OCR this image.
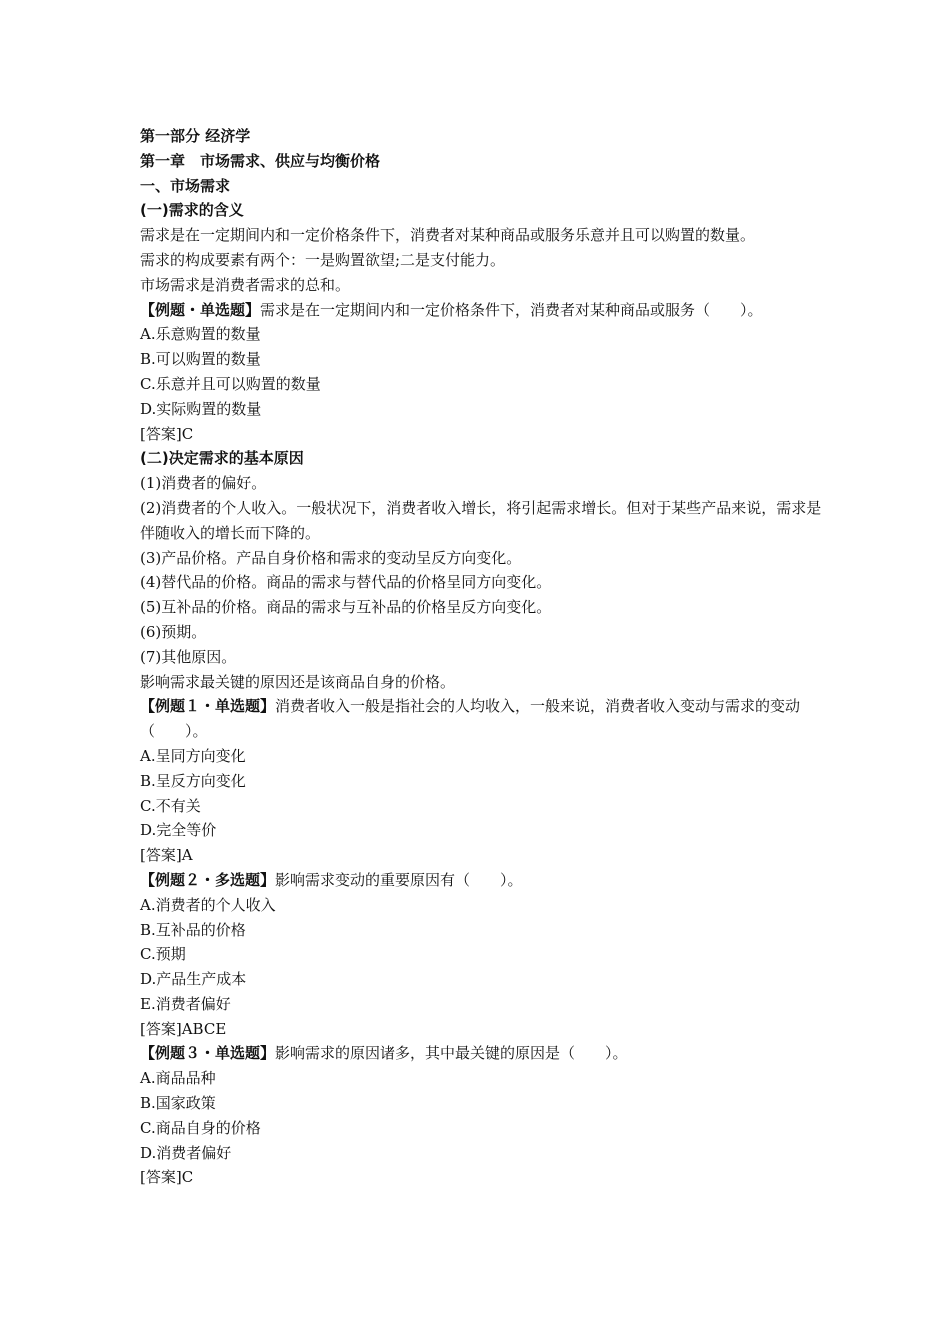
第一部分 经济学
第一章　市场需求、供应与均衡价格
一、市场需求
(一)需求的含义
需求是在一定期间内和一定价格条件下，消费者对某种商品或服务乐意并且可以购置的数量。
需求的构成要素有两个：一是购置欲望;二是支付能力。
市场需求是消费者需求的总和。
【例题・单选题】需求是在一定期间内和一定价格条件下，消费者对某种商品或服务（　　）。
A.乐意购置的数量
B.可以购置的数量
C.乐意并且可以购置的数量
D.实际购置的数量
[答案]C
(二)决定需求的基本原因
(1)消费者的偏好。
(2)消费者的个人收入。一般状况下，消费者收入增长，将引起需求增长。但对于某些产品来说，需求是伴随收入的增长而下降的。
(3)产品价格。产品自身价格和需求的变动呈反方向变化。
(4)替代品的价格。商品的需求与替代品的价格呈同方向变化。
(5)互补品的价格。商品的需求与互补品的价格呈反方向变化。
(6)预期。
(7)其他原因。
影响需求最关键的原因还是该商品自身的价格。
【例题１・单选题】消费者收入一般是指社会的人均收入，一般来说，消费者收入变动与需求的变动（　　）。
A.呈同方向变化
B.呈反方向变化
C.不有关
D.完全等价
[答案]A
【例题２・多选题】影响需求变动的重要原因有（　　）。
A.消费者的个人收入
B.互补品的价格
C.预期
D.产品生产成本
E.消费者偏好
[答案]ABCE
【例题３・单选题】影响需求的原因诸多，其中最关键的原因是（　　）。
A.商品品种
B.国家政策
C.商品自身的价格
D.消费者偏好
[答案]C
